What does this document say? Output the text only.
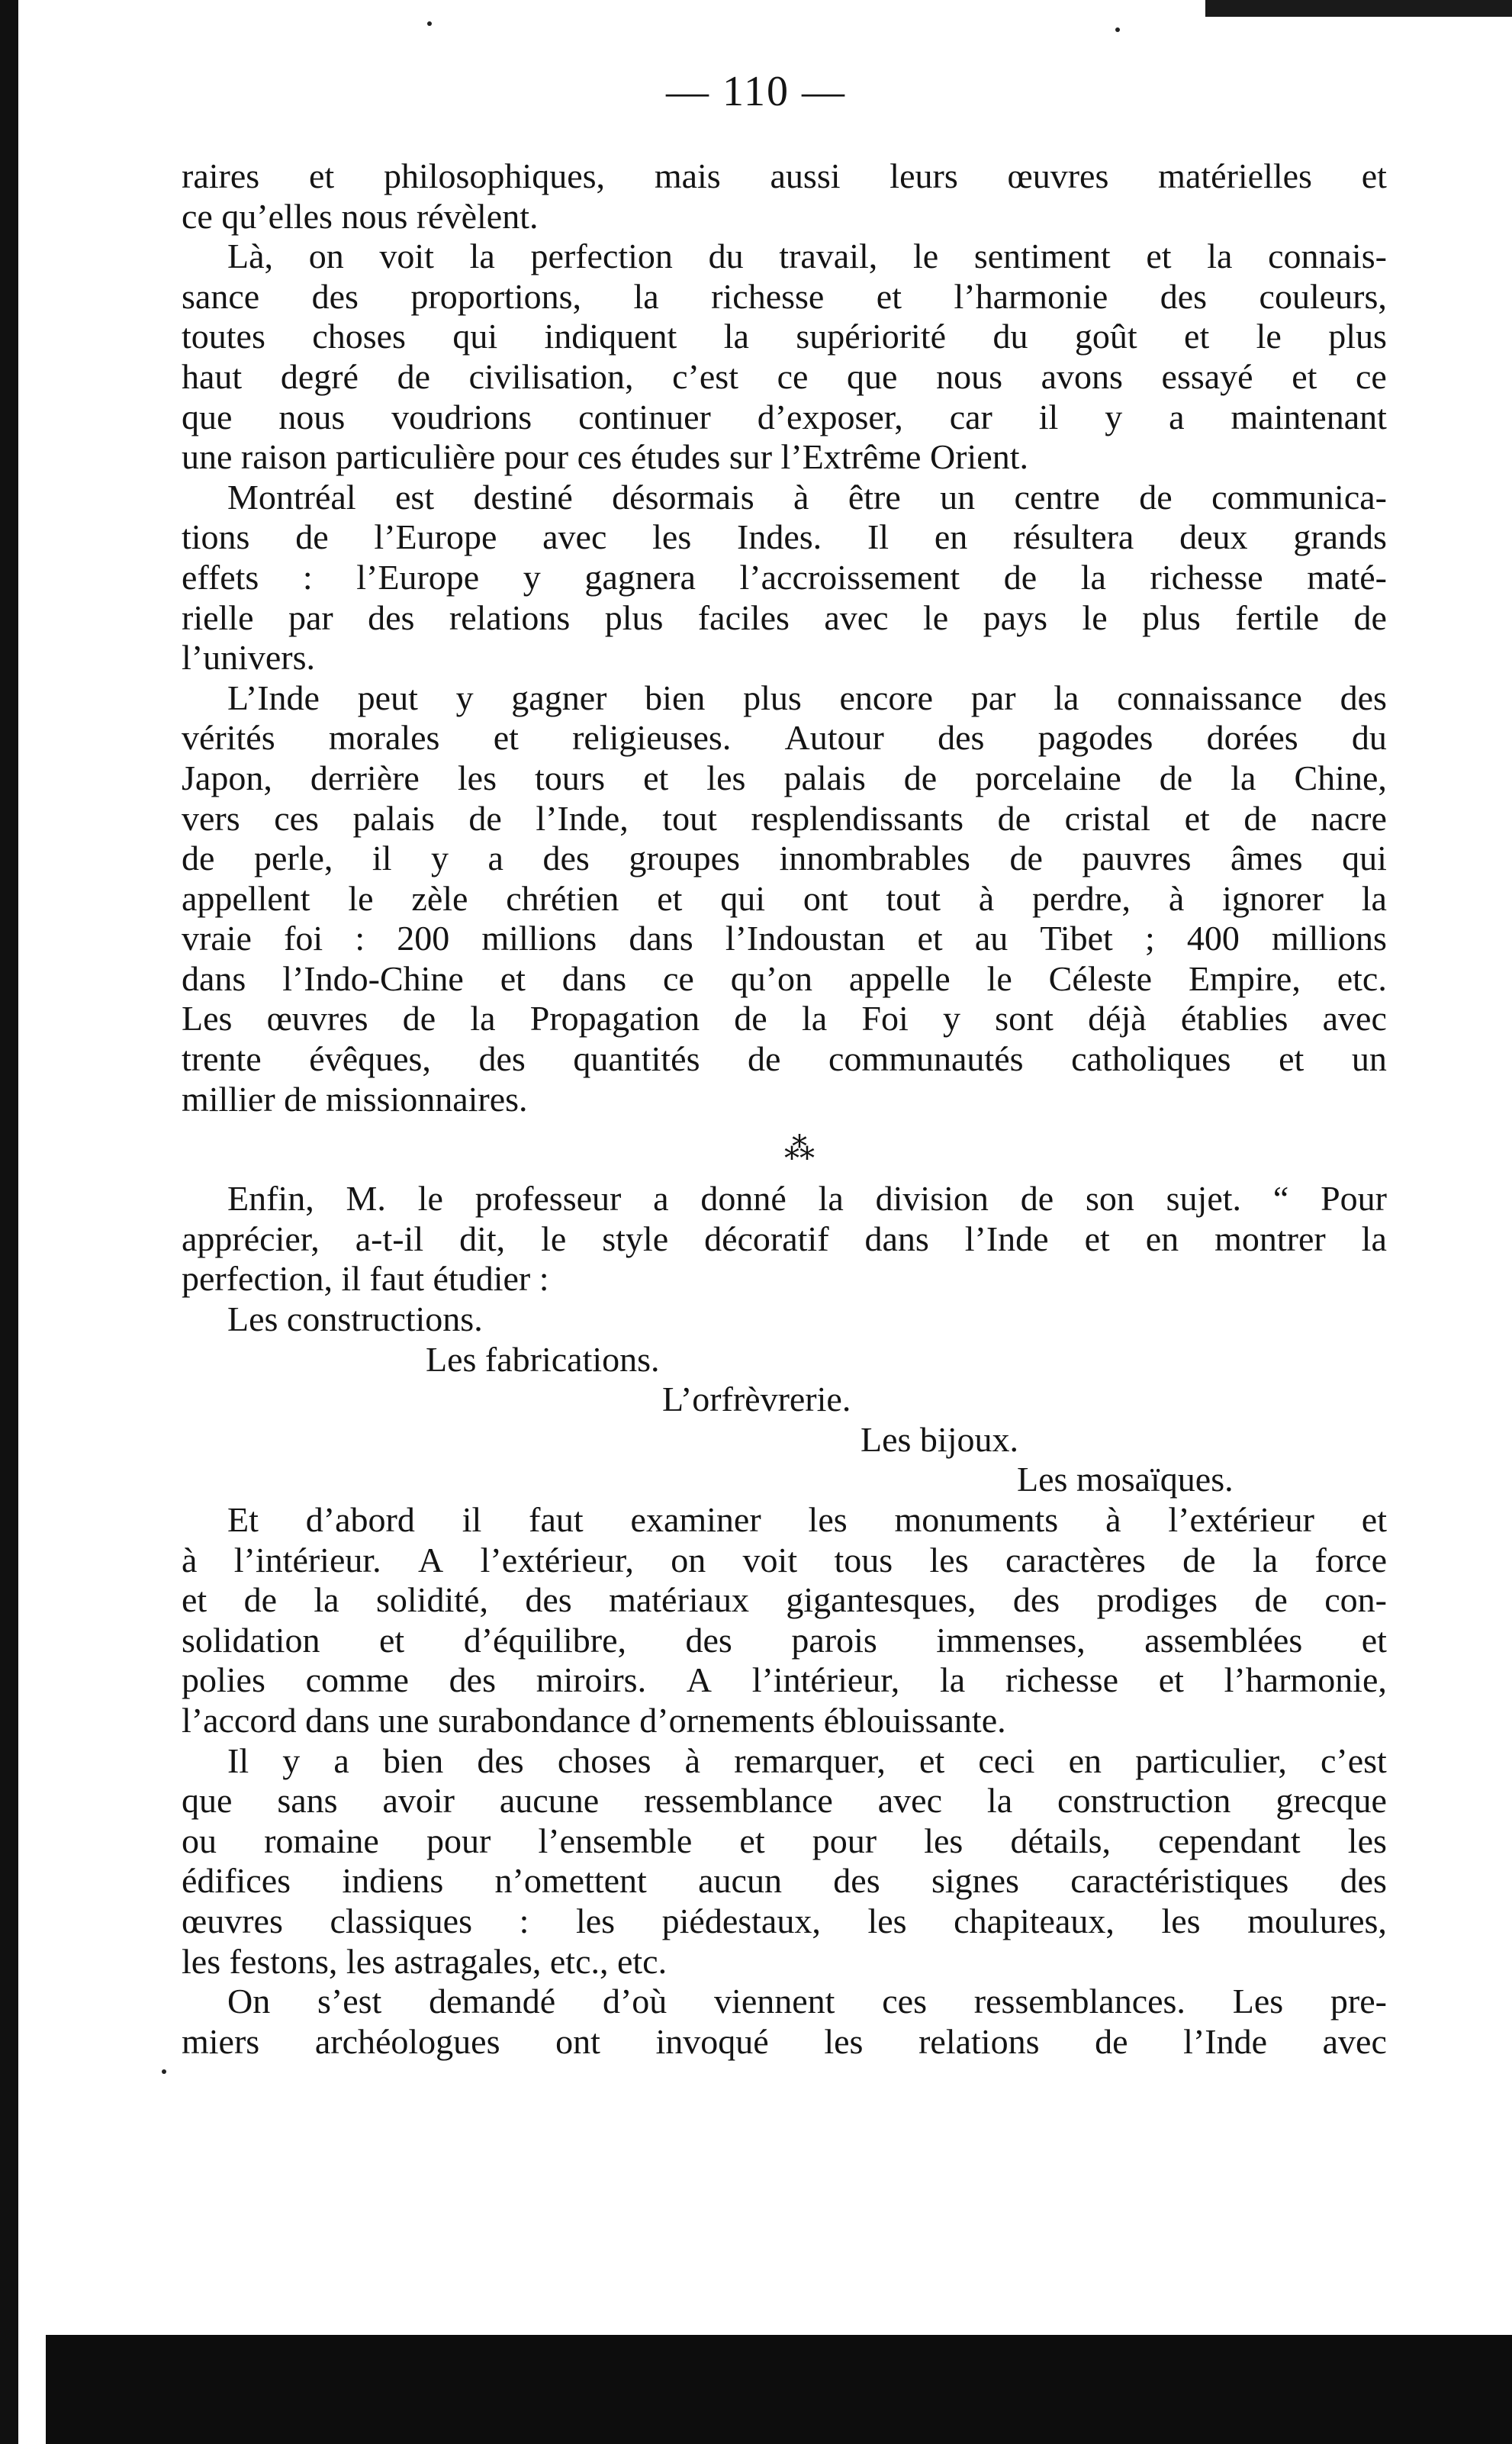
— 110 —
raires et philosophiques, mais aussi leurs œuvres matérielles et
ce qu’elles nous révèlent.
Là, on voit la perfection du travail, le sentiment et la connais-
sance des proportions, la richesse et l’harmonie des couleurs,
toutes choses qui indiquent la supériorité du goût et le plus
haut degré de civilisation, c’est ce que nous avons essayé et ce
que nous voudrions continuer d’exposer, car il y a maintenant
une raison particulière pour ces études sur l’Extrême Orient.
Montréal est destiné désormais à être un centre de communica-
tions de l’Europe avec les Indes. Il en résultera deux grands
effets : l’Europe y gagnera l’accroissement de la richesse maté-
rielle par des relations plus faciles avec le pays le plus fertile de
l’univers.
L’Inde peut y gagner bien plus encore par la connaissance des
vérités morales et religieuses. Autour des pagodes dorées du
Japon, derrière les tours et les palais de porcelaine de la Chine,
vers ces palais de l’Inde, tout resplendissants de cristal et de nacre
de perle, il y a des groupes innombrables de pauvres âmes qui
appellent le zèle chrétien et qui ont tout à perdre, à ignorer la
vraie foi : 200 millions dans l’Indoustan et au Tibet ; 400 millions
dans l’Indo-Chine et dans ce qu’on appelle le Céleste Empire, etc.
Les œuvres de la Propagation de la Foi y sont déjà établies avec
trente évêques, des quantités de communautés catholiques et un
millier de missionnaires.
⁂
Enfin, M. le professeur a donné la division de son sujet. “ Pour
apprécier, a-t-il dit, le style décoratif dans l’Inde et en montrer la
perfection, il faut étudier :
Les constructions.
Les fabrications.
L’orfrèvrerie.
Les bijoux.
Les mosaïques.
Et d’abord il faut examiner les monuments à l’extérieur et
à l’intérieur. A l’extérieur, on voit tous les caractères de la force
et de la solidité, des matériaux gigantesques, des prodiges de con-
solidation et d’équilibre, des parois immenses, assemblées et
polies comme des miroirs. A l’intérieur, la richesse et l’harmonie,
l’accord dans une surabondance d’ornements éblouissante.
Il y a bien des choses à remarquer, et ceci en particulier, c’est
que sans avoir aucune ressemblance avec la construction grecque
ou romaine pour l’ensemble et pour les détails, cependant les
édifices indiens n’omettent aucun des signes caractéristiques des
œuvres classiques : les piédestaux, les chapiteaux, les moulures,
les festons, les astragales, etc., etc.
On s’est demandé d’où viennent ces ressemblances. Les pre-
miers archéologues ont invoqué les relations de l’Inde avec
